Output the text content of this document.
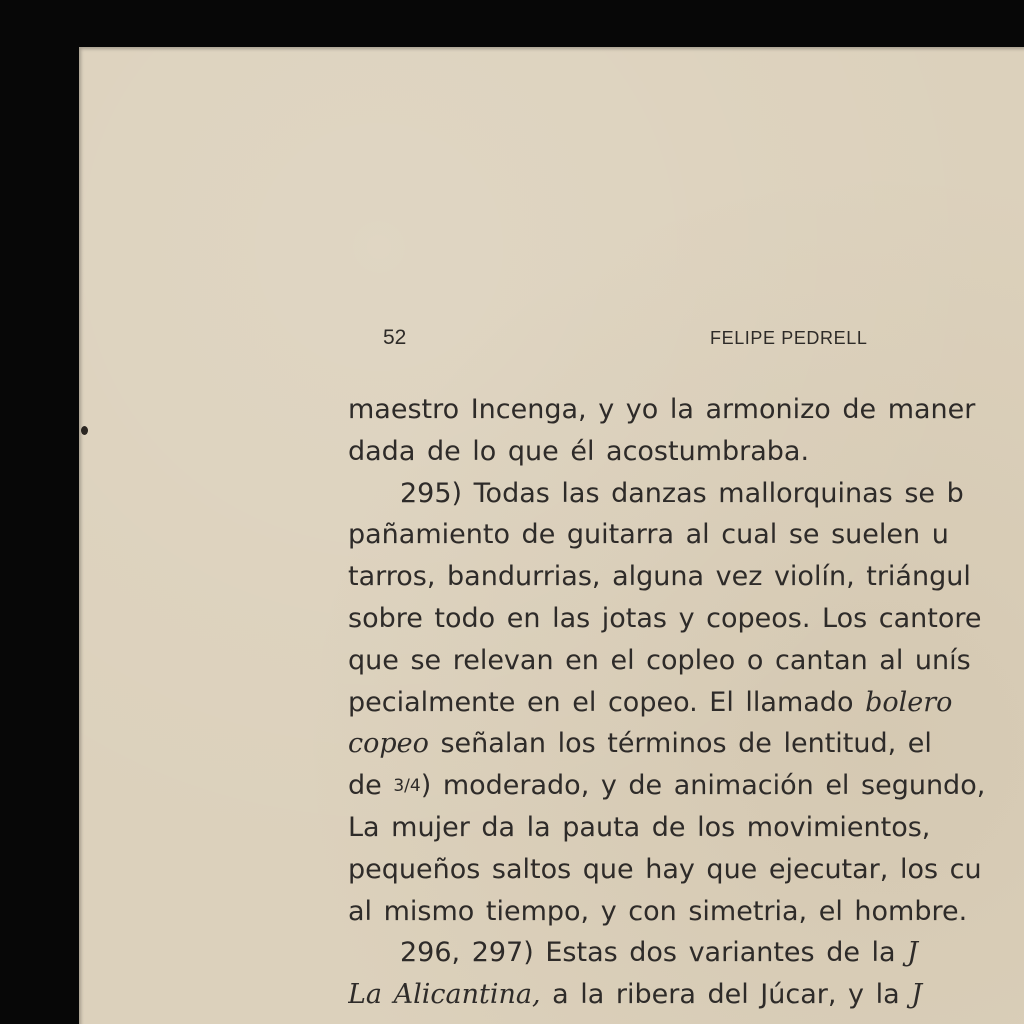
52	FELIPE PEDRELL
maestro Incenga, y yo la armonizo de maner
dada de lo que él acostumbraba.
295) Todas las danzas mallorquinas se b
pañamiento de guitarra al cual se suelen u
tarros, bandurrias, alguna vez violín, triángul
sobre todo en las jotas y copeos. Los cantore
que se relevan en el copleo o cantan al unís
pecialmente en el copeo. El llamado bolero
copeo señalan los términos de lentitud, el
de 3/4) moderado, y de animación el segundo,
La mujer da la pauta de los movimientos,
pequeños saltos que hay que ejecutar, los cu
al mismo tiempo, y con simetria, el hombre.
296, 297) Estas dos variantes de la J
La Alicantina, a la ribera del Júcar, y la J
